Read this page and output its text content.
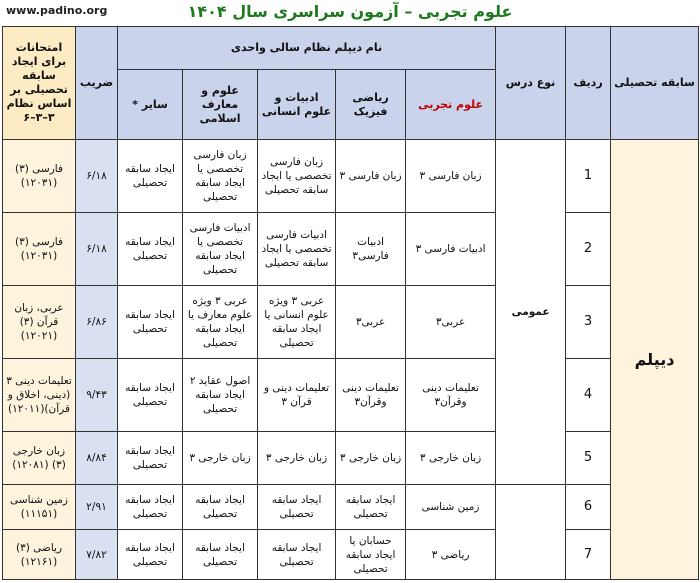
www.padino.org	علوم تجربی – آزمون سراسری سال ۱۴۰۴
سابقه تحصیلی	ردیف	نوع درس	نام دیپلم نظام سالی واحدی					ضریب	امتحانات برای ایجاد سابقه تحصیلی بر اساس نظام ۳–۳–۶
			علوم تجربی	ریاضی فیزیک	ادبیات و علوم انسانی	علوم و معارف اسلامی	سایر *		
دیپلم	1	عمومی	زبان فارسی ۳	زبان فارسی ۳	زبان فارسی تخصصی یا ایجاد سابقه تحصیلی	زبان فارسی تخصصی یا ایجاد سابقه تحصیلی	ایجاد سابقه تحصیلی	۶/۱۸	فارسی (۳) (۱۲۰۳۱)
	2		ادبیات فارسی ۳	ادبیات فارسی۳	ادبیات فارسی تخصصی یا ایجاد سابقه تحصیلی	ادبیات فارسی تخصصی یا ایجاد سابقه تحصیلی	ایجاد سابقه تحصیلی	۶/۱۸	فارسی (۳) (۱۲۰۳۱)
	3		عربی۳	عربی۳	عربی ۳ ویژه علوم انسانی یا ایجاد سابقه تحصیلی	عربی ۳ ویژه علوم معارف یا ایجاد سابقه تحصیلی	ایجاد سابقه تحصیلی	۶/۸۶	عربی، زبان قرآن (۳) (۱۲۰۲۱)
	4		تعلیمات دینی وقرآن۳	تعلیمات دینی وقرآن۳	تعلیمات دینی و قرآن ۳	اصول عقاید ۲ ایجاد سابقه تحصیلی	ایجاد سابقه تحصیلی	۹/۴۳	تعلیمات دینی ۳ (دینی، اخلاق و قرآن)(۱۲۰۱۱)
	5		زبان خارجی ۳	زبان خارجی ۳	زبان خارجی ۳	زبان خارجی ۳	ایجاد سابقه تحصیلی	۸/۸۴	زبان خارجی (۳) (۱۲۰۸۱)
	6		زمین شناسی	ایجاد سابقه تحصیلی	ایجاد سابقه تحصیلی	ایجاد سابقه تحصیلی	ایجاد سابقه تحصیلی	۲/۹۱	زمین شناسی (۱۱۱۵۱)
	7		ریاضی ۳	حسابان یا ایجاد سابقه تحصیلی	ایجاد سابقه تحصیلی	ایجاد سابقه تحصیلی	ایجاد سابقه تحصیلی	۷/۸۲	ریاضی (۳) (۱۲۱۶۱)
